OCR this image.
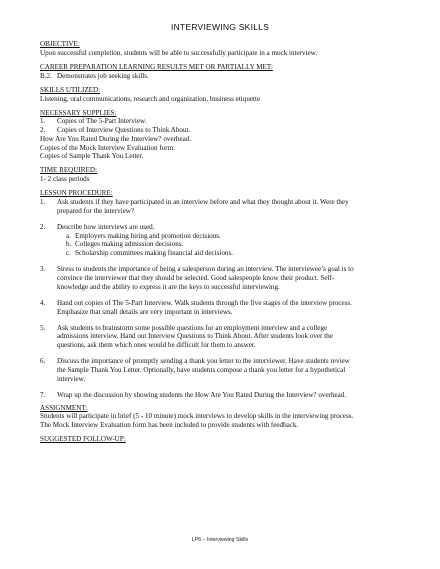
INTERVIEWING SKILLS

OBJECTIVE:

Upon successful completion, students will be able to successfully participate in a mock interview.

CAREER PREPARATION LEARNING RESULTS MET OR PARTIALLY MET:

B.2. Demonstrates job seeking skills.

SKILLS UTILIZED:

Listening, oral communications, research and organization, business etiquette

NECESSARY SUPPLIES:

1.	Copies of The 5-Part Interview.
2.	Copies of Interview Questions to Think About.

How Are You Rated During the Interview? overhead.

Copies of the Mock Interview Evaluation form.

Copies of Sample Thank You Letter.

TIME REQUIRED:

1- 2 class periods

LESSON PROCEDURE:

1.	Ask students if they have participated in an interview before and what they thought about it. Were they

prepared for the interview?

2.	Describe how interviews are used.

a. Employers making hiring and promotion decisions.
b. Colleges making admission decisions.
c. Scholarship committees making financial aid decisions.
3.	Stress to students the importance of being a salesperson during an interview. The interviewee’s goal is to

convince the interviewer that they should be selected. Good salespeople know their product. Self-

knowledge and the ability to express it are the keys to successful interviewing.

4.	Hand out copies of The 5-Part Interview. Walk students through the five stages of the interview process.

Emphasize that small details are very important in interviews.

5.	Ask students to brainstorm some possible questions for an employment interview and a college

admissions interview. Hand out Interview Questions to Think About. After students look over the

questions, ask them which ones would be difficult for them to answer.

6.	Discuss the importance of promptly sending a thank you letter to the interviewer. Have students review

the Sample Thank You Letter. Optionally, have students compose a thank you letter for a hypothetical

interview.

7.	Wrap up the discussion by showing students the How Are You Rated During the Interview? overhead.

ASSIGNMENT:

Students will participate in brief (5 - 10 minute) mock interviews to develop skills in the interviewing process.

The Mock Interview Evaluation form has been included to provide students with feedback.

SUGGESTED FOLLOW-UP:

LP6 – Interviewing Skills
